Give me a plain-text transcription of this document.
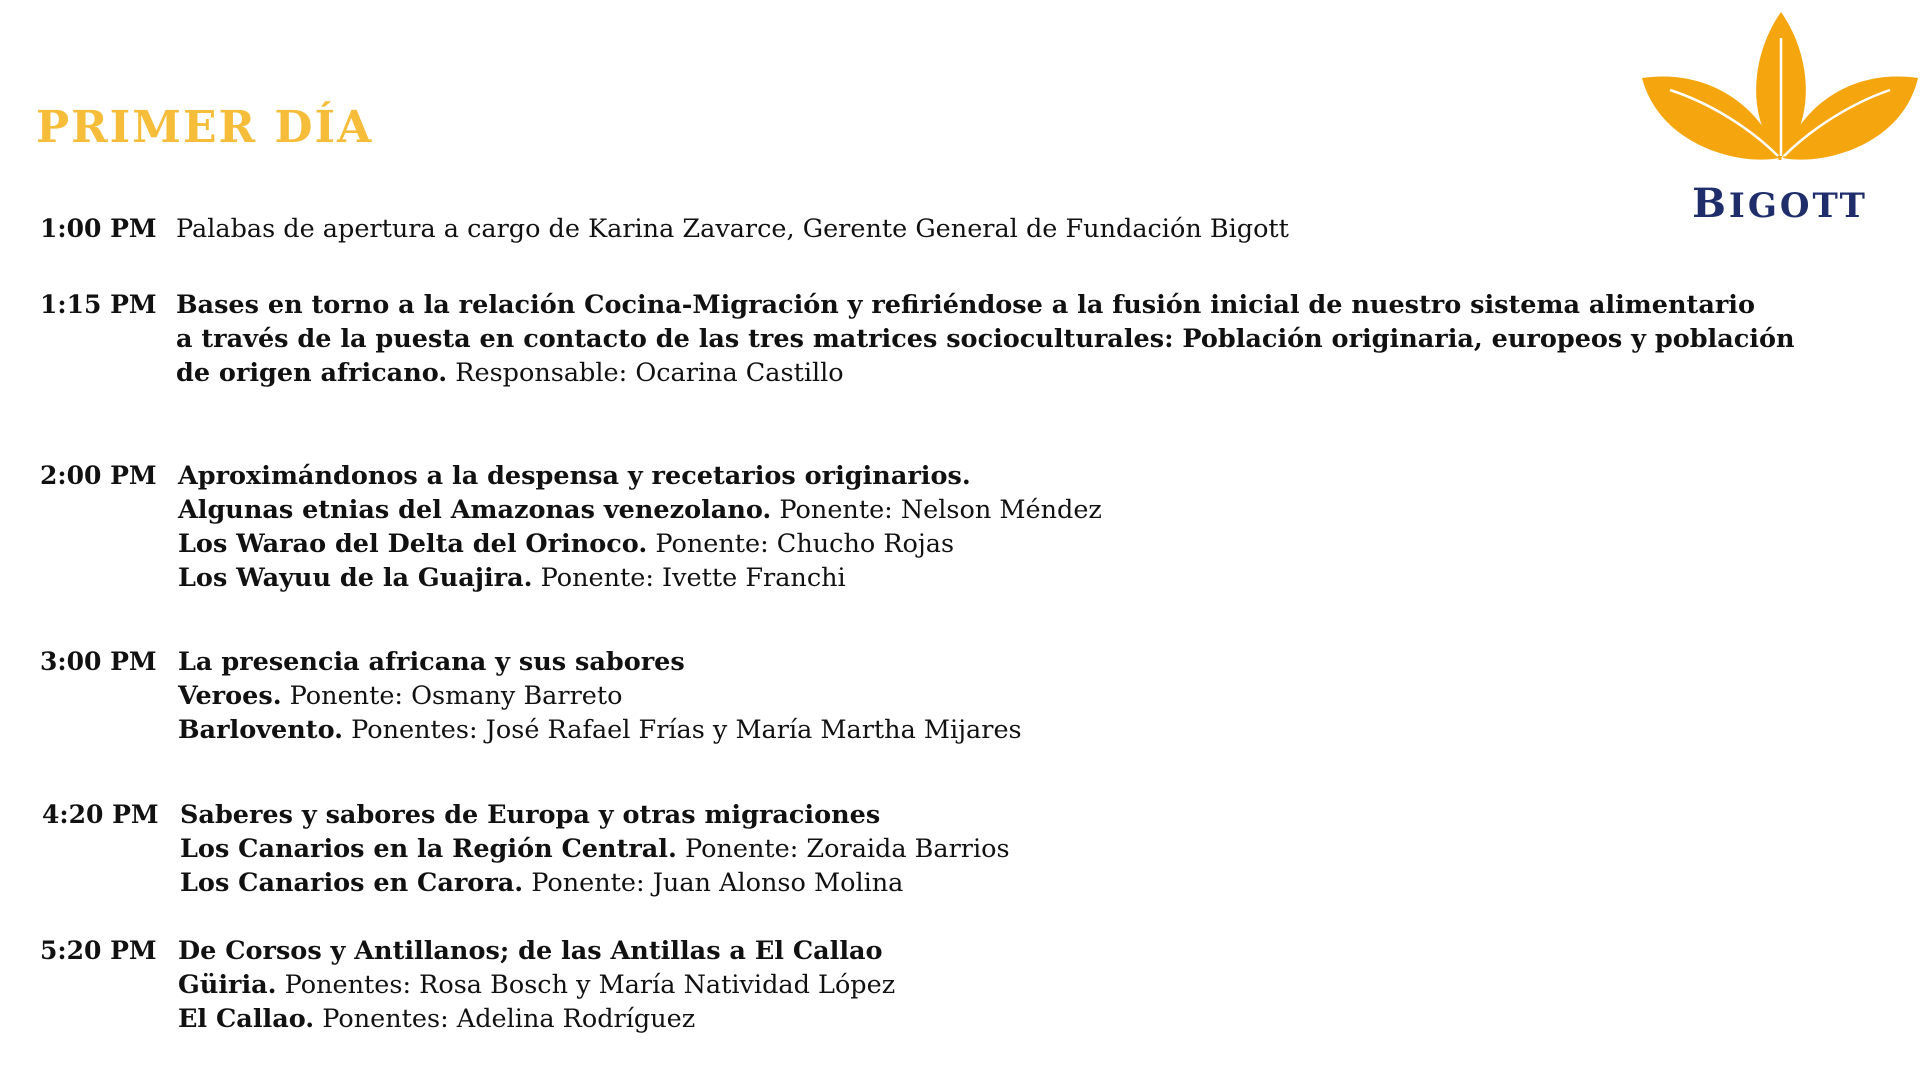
PRIMER DÍA
BIGOTT
1:00 PM Palabas de apertura a cargo de Karina Zavarce, Gerente General de Fundación Bigott
1:15 PM Bases en torno a la relación Cocina-Migración y refiriéndose a la fusión inicial de nuestro sistema alimentario
a través de la puesta en contacto de las tres matrices socioculturales: Población originaria, europeos y población
de origen africano. Responsable: Ocarina Castillo
2:00 PM Aproximándonos a la despensa y recetarios originarios.
Algunas etnias del Amazonas venezolano. Ponente: Nelson Méndez
Los Warao del Delta del Orinoco. Ponente: Chucho Rojas
Los Wayuu de la Guajira. Ponente: Ivette Franchi
3:00 PM La presencia africana y sus sabores
Veroes. Ponente: Osmany Barreto
Barlovento. Ponentes: José Rafael Frías y María Martha Mijares
4:20 PM Saberes y sabores de Europa y otras migraciones
Los Canarios en la Región Central. Ponente: Zoraida Barrios
Los Canarios en Carora. Ponente: Juan Alonso Molina
5:20 PM De Corsos y Antillanos; de las Antillas a El Callao
Güiria. Ponentes: Rosa Bosch y María Natividad López
El Callao. Ponentes: Adelina Rodríguez
